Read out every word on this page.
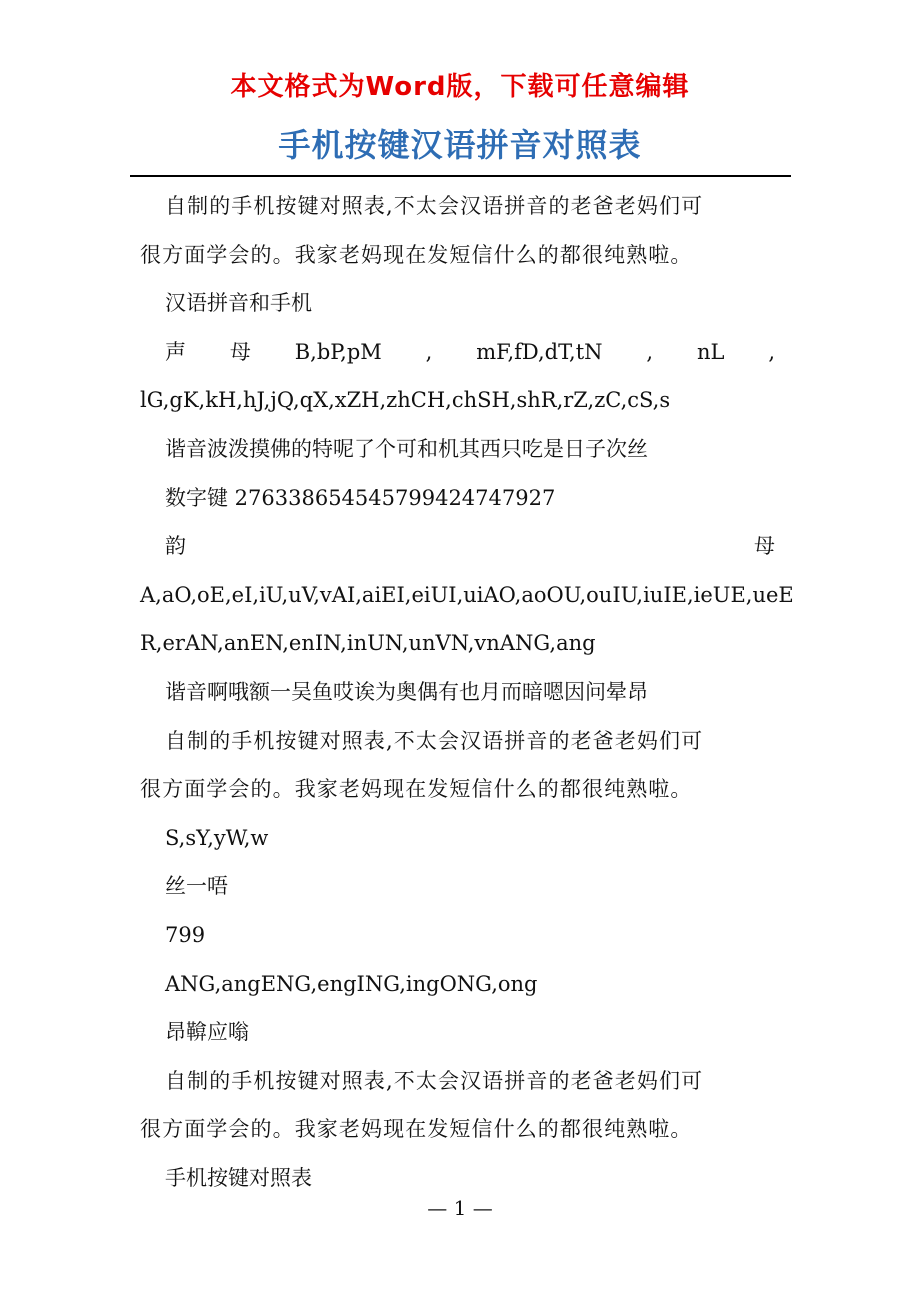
本文格式为Word版，下载可任意编辑
手机按键汉语拼音对照表
自制的手机按键对照表,不太会汉语拼音的老爸老妈们可
很方面学会的。我家老妈现在发短信什么的都很纯熟啦。
汉语拼音和手机
声 母 B,bP,pM , mF,fD,dT,tN , nL ,
lG,gK,kH,hJ,jQ,qX,xZH,zhCH,chSH,shR,rZ,zC,cS,s
谐音波泼摸佛的特呢了个可和机其西只吃是日子次丝
数字键 27633865454579942474792​7
韵	母
A,aO,oE,eI,iU,uV,vAI,aiEI,eiUI,uiAO,aoOU,ouIU,iuIE,ieUE,ueE
R,erAN,anEN,enIN,inUN,unVN,vnANG,ang
谐音啊哦额一吴鱼哎诶为奥偶有也月而暗嗯因问晕昂
自制的手机按键对照表,不太会汉语拼音的老爸老妈们可
很方面学会的。我家老妈现在发短信什么的都很纯熟啦。
S,sY,yW,w
丝一唔
799
ANG,angENG,engING,ingONG,ong
昂鞥应嗡
自制的手机按键对照表,不太会汉语拼音的老爸老妈们可
很方面学会的。我家老妈现在发短信什么的都很纯熟啦。
手机按键对照表
— 1 —
